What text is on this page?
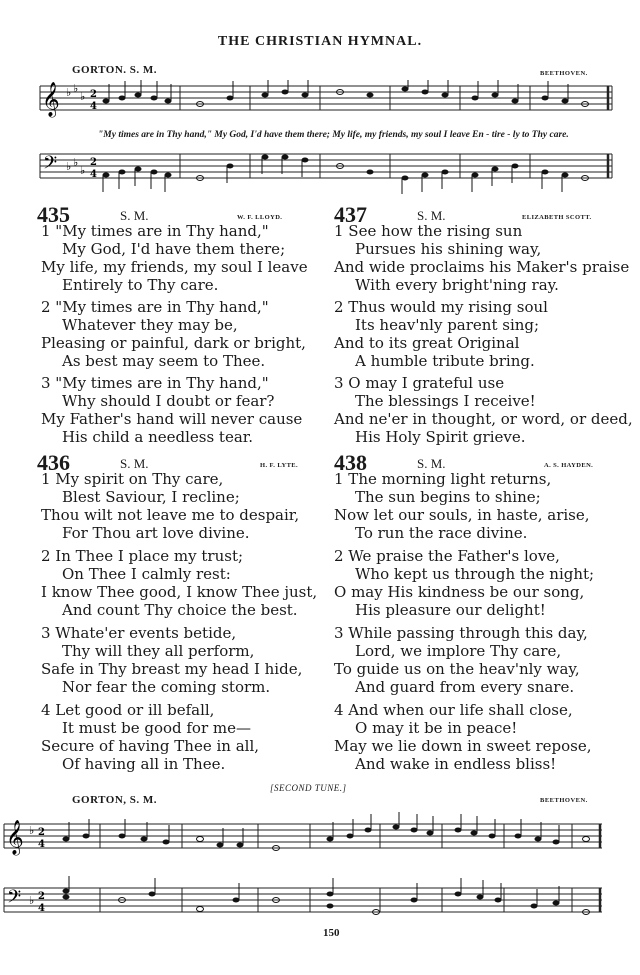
THE CHRISTIAN HYMNAL.
GORTON. S. M.	BEETHOVEN.
𝄞 ♭ ♭
♭ 2
4
"My times are in Thy hand," My God, I'd have them there; My life, my friends, my soul I leave En - tire - ly to Thy care.
𝄢 ♭ ♭
♭
2
4
435	S. M.	W. F. LLOYD.
1 "My times are in Thy hand,"
My God, I'd have them there;
My life, my friends, my soul I leave
Entirely to Thy care.
2 "My times are in Thy hand,"
Whatever they may be,
Pleasing or painful, dark or bright,
As best may seem to Thee.
3 "My times are in Thy hand,"
Why should I doubt or fear?
My Father's hand will never cause
His child a needless tear.
436	S. M.	H. F. LYTE.
1 My spirit on Thy care,
Blest Saviour, I recline;
Thou wilt not leave me to despair,
For Thou art love divine.
2 In Thee I place my trust;
On Thee I calmly rest:
I know Thee good, I know Thee just,
And count Thy choice the best.
3 Whate'er events betide,
Thy will they all perform,
Safe in Thy breast my head I hide,
Nor fear the coming storm.
4 Let good or ill befall,
It must be good for me—
Secure of having Thee in all,
Of having all in Thee.
437	S. M.	ELIZABETH SCOTT.
1 See how the rising sun
Pursues his shining way,
And wide proclaims his Maker's praise
With every bright'ning ray.
2 Thus would my rising soul
Its heav'nly parent sing;
And to its great Original
A humble tribute bring.
3 O may I grateful use
The blessings I receive!
And ne'er in thought, or word, or deed,
His Holy Spirit grieve.
438	S. M.	A. S. HAYDEN.
1 The morning light returns,
The sun begins to shine;
Now let our souls, in haste, arise,
To run the race divine.
2 We praise the Father's love,
Who kept us through the night;
O may His kindness be our song,
His pleasure our delight!
3 While passing through this day,
Lord, we implore Thy care,
To guide us on the heav'nly way,
And guard from every snare.
4 And when our life shall close,
O may it be in peace!
May we lie down in sweet repose,
And wake in endless bliss!
[SECOND TUNE.]
GORTON, S. M.	BEETHOVEN.
𝄞 ♭ 2
4
𝄢 ♭ 2
4
150
